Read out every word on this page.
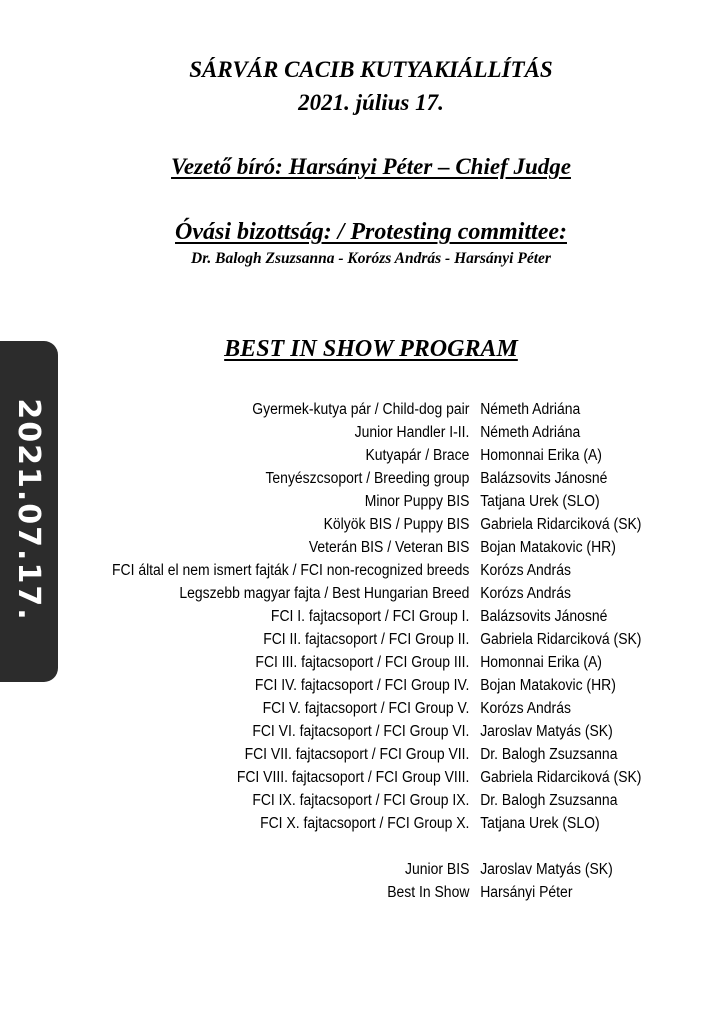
SÁRVÁR CACIB KUTYAKIÁLLÍTÁS
2021. július 17.
Vezető bíró: Harsányi Péter – Chief Judge
Óvási bizottság: / Protesting committee:
Dr. Balogh Zsuzsanna - Korózs András - Harsányi Péter
BEST IN SHOW PROGRAM
2021.07.17.	Gyermek-kutya pár / Child-dog pair Németh Adriána
Junior Handler I-II. Németh Adriána
Kutyapár / Brace Homonnai Erika (A)
Tenyészcsoport / Breeding group Balázsovits Jánosné
Minor Puppy BIS Tatjana Urek (SLO)
Kölyök BIS / Puppy BIS Gabriela Ridarciková (SK)
Veterán BIS / Veteran BIS Bojan Matakovic (HR)
FCI által el nem ismert fajták / FCI non-recognized breeds Korózs András
Legszebb magyar fajta / Best Hungarian Breed Korózs András
FCI I. fajtacsoport / FCI Group I. Balázsovits Jánosné
FCI II. fajtacsoport / FCI Group II. Gabriela Ridarciková (SK)
FCI III. fajtacsoport / FCI Group III. Homonnai Erika (A)
FCI IV. fajtacsoport / FCI Group IV. Bojan Matakovic (HR)
FCI V. fajtacsoport / FCI Group V. Korózs András
FCI VI. fajtacsoport / FCI Group VI. Jaroslav Matyás (SK)
FCI VII. fajtacsoport / FCI Group VII. Dr. Balogh Zsuzsanna
FCI VIII. fajtacsoport / FCI Group VIII. Gabriela Ridarciková (SK)
FCI IX. fajtacsoport / FCI Group IX. Dr. Balogh Zsuzsanna
FCI X. fajtacsoport / FCI Group X. Tatjana Urek (SLO)
Junior BIS Jaroslav Matyás (SK)
Best In Show Harsányi Péter
